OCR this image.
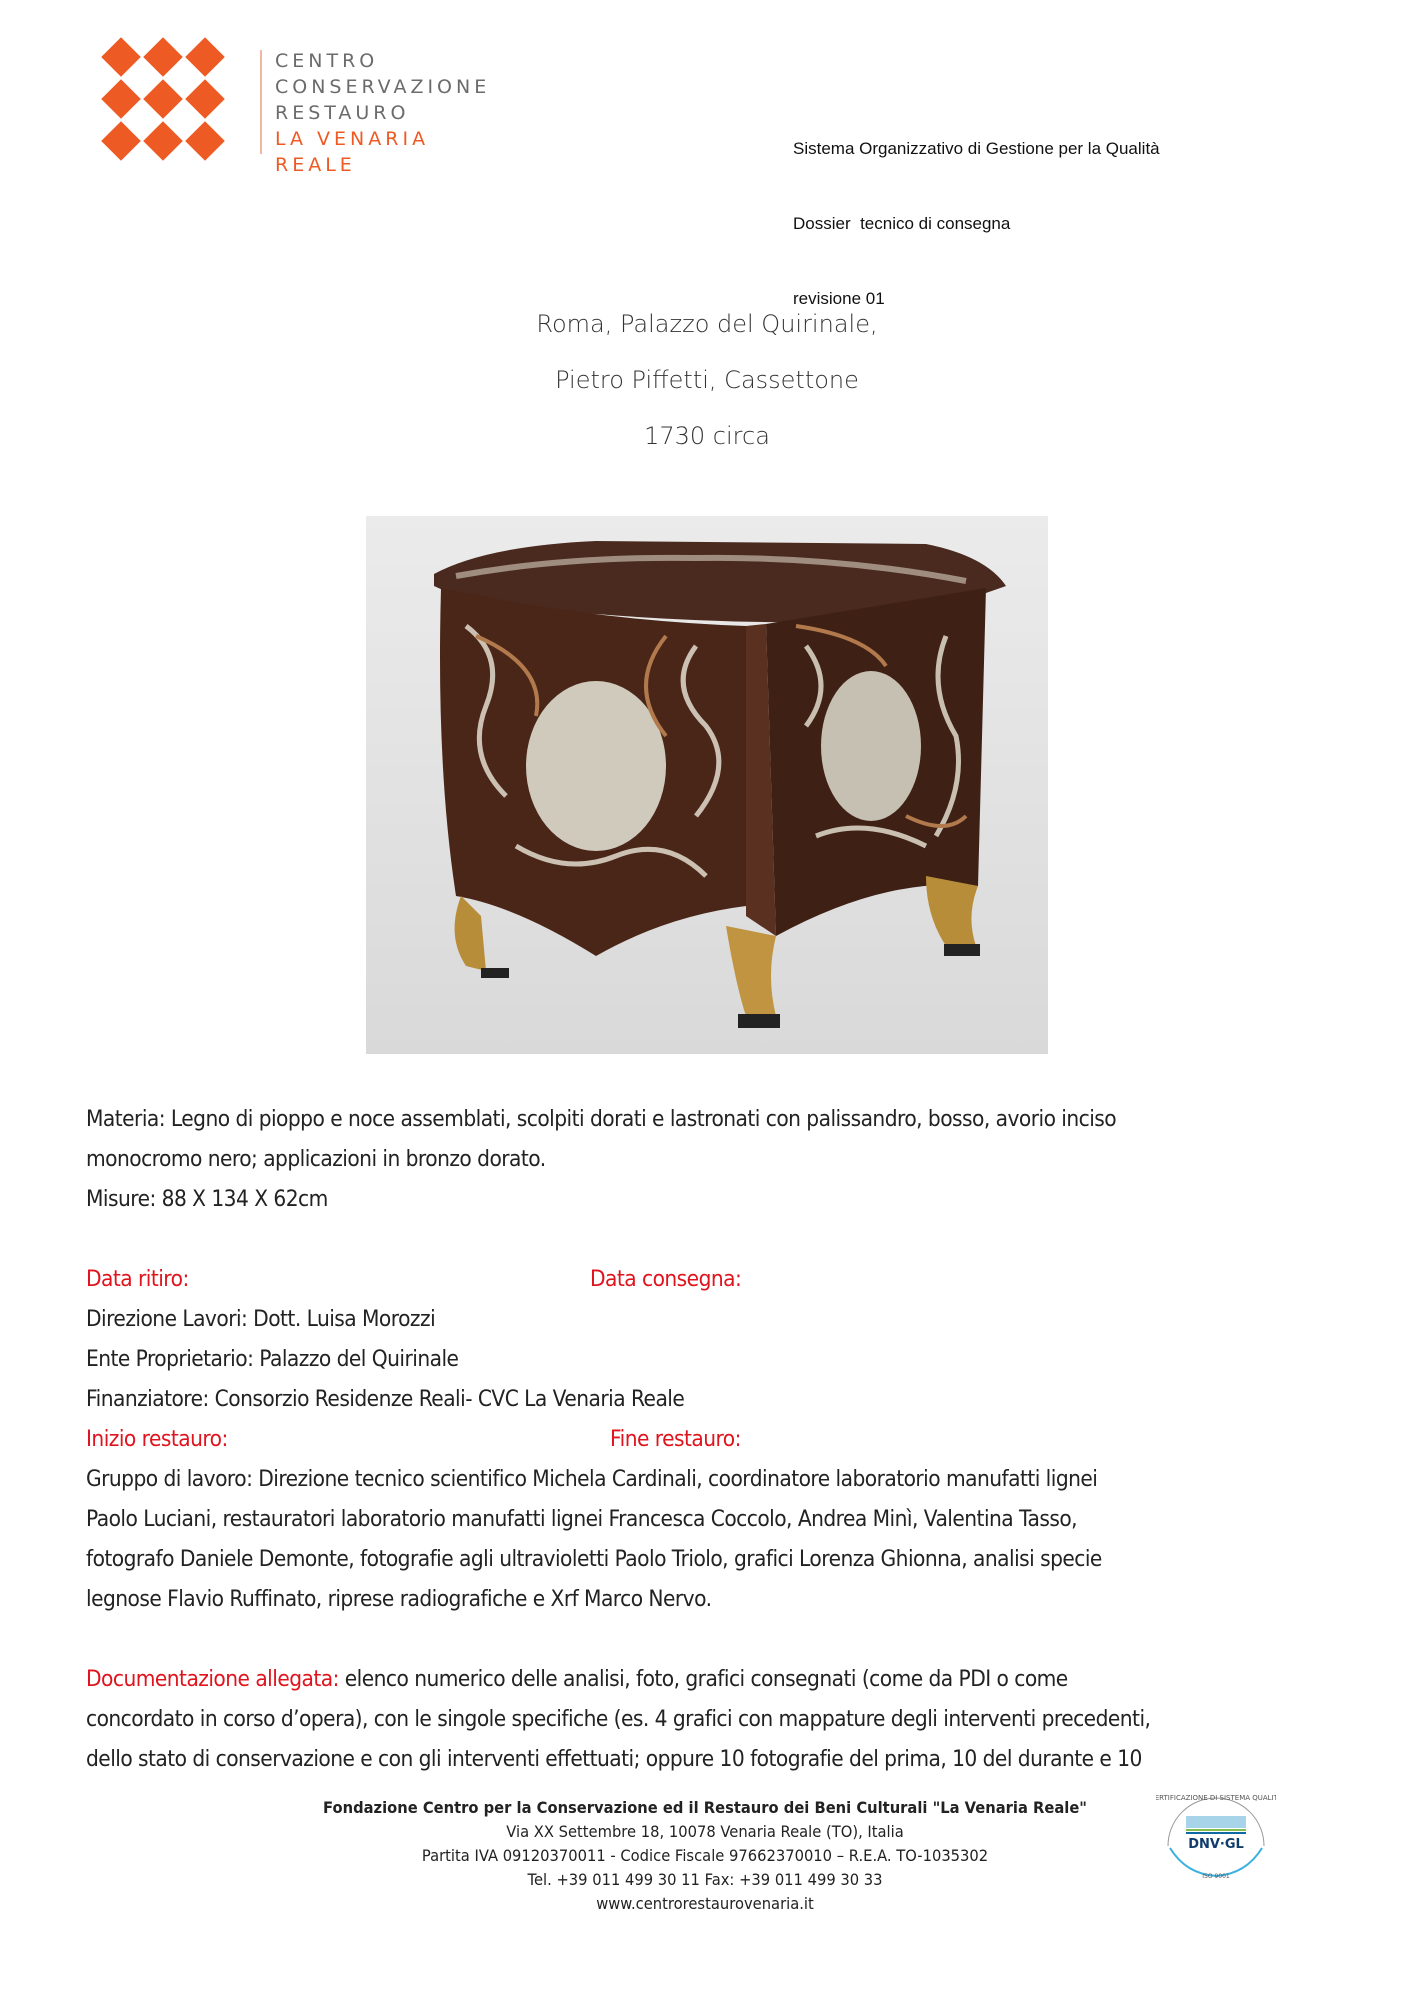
CENTRO
CONSERVAZIONE
RESTAURO
LA VENARIA REALE

Sistema Organizzativo di Gestione per la Qualità

Dossier  tecnico di consegna

revisione 01

Roma, Palazzo del Quirinale,
Pietro Piffetti, Cassettone
1730 circa
Materia: Legno di pioppo e noce assemblati, scolpiti dorati e lastronati con palissandro, bosso, avorio inciso
monocromo nero; applicazioni in bronzo dorato.
Misure: 88 X 134 X 62cm
Data ritiro:	Data consegna:
Direzione Lavori: Dott. Luisa Morozzi
Ente Proprietario: Palazzo del Quirinale
Finanziatore: Consorzio Residenze Reali- CVC La Venaria Reale
Inizio restauro:	Fine restauro:
Gruppo di lavoro: Direzione tecnico scientifico Michela Cardinali, coordinatore laboratorio manufatti lignei
Paolo Luciani, restauratori laboratorio manufatti lignei Francesca Coccolo, Andrea Minì, Valentina Tasso,
fotografo Daniele Demonte, fotografie agli ultravioletti Paolo Triolo, grafici Lorenza Ghionna, analisi specie
legnose Flavio Ruffinato, riprese radiografiche e Xrf Marco Nervo.
Documentazione allegata: elenco numerico delle analisi, foto, grafici consegnati (come da PDI o come
concordato in corso d’opera), con le singole specifiche (es. 4 grafici con mappature degli interventi precedenti,
dello stato di conservazione e con gli interventi effettuati; oppure 10 fotografie del prima, 10 del durante e 10
Fondazione Centro per la Conservazione ed il Restauro dei Beni Culturali "La Venaria Reale"
Via XX Settembre 18, 10078 Venaria Reale (TO), Italia
Partita IVA 09120370011 - Codice Fiscale 97662370010 – R.E.A. TO-1035302
Tel. +39 011 499 30 11 Fax: +39 011 499 30 33
www.centrorestaurovenaria.it
CERTIFICAZIONE DI SISTEMA QUALITÀ
DNV·GL
ISO 9001
